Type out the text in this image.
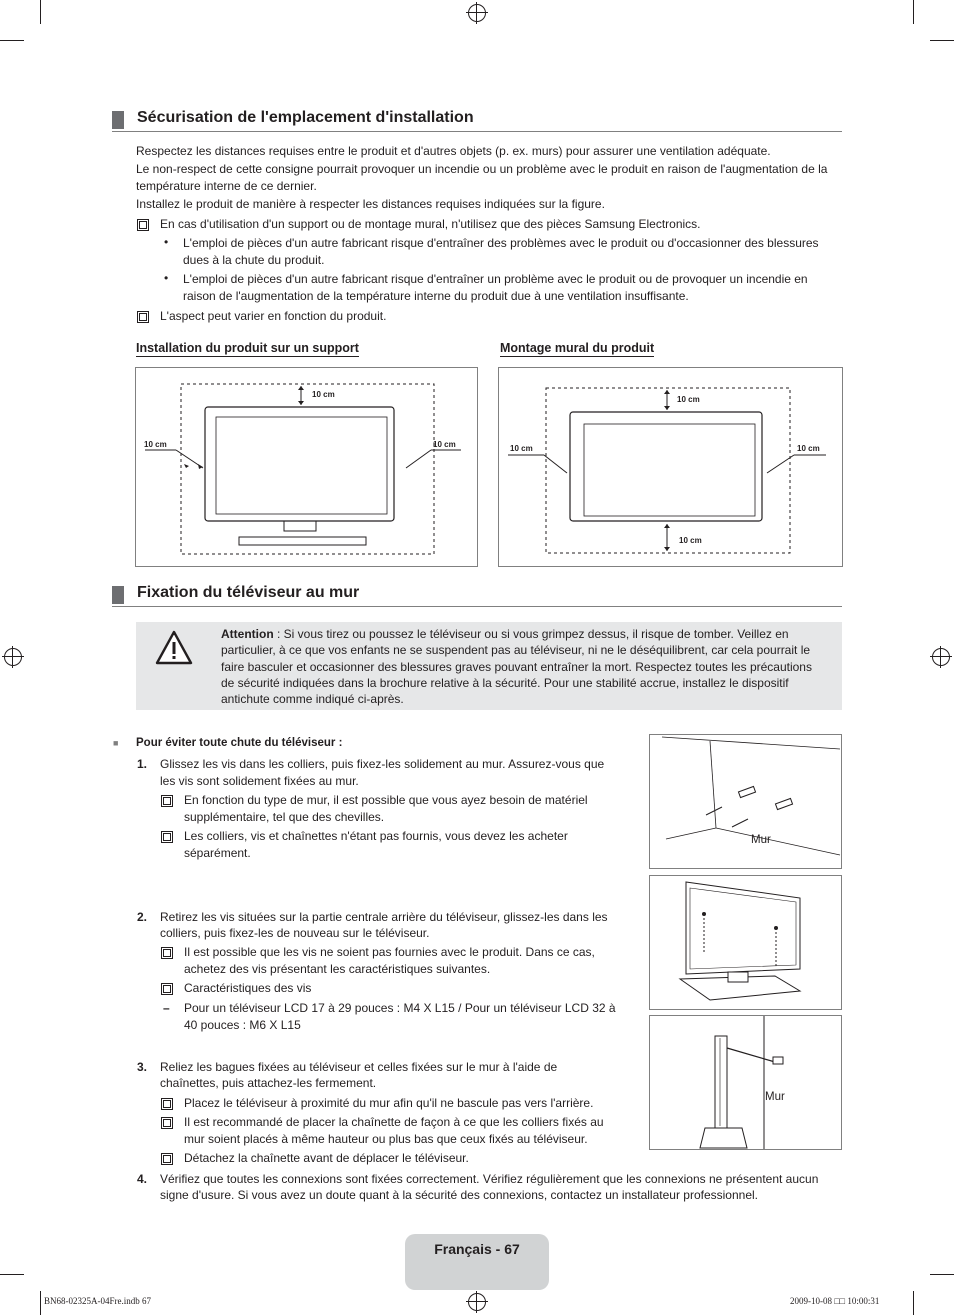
Sécurisation de l'emplacement d'installation
Respectez les distances requises entre le produit et d'autres objets (p. ex. murs) pour assurer une ventilation adéquate.
Le non-respect de cette consigne pourrait provoquer un incendie ou un problème avec le produit en raison de l'augmentation de la
température interne de ce dernier.
Installez le produit de manière à respecter les distances requises indiquées sur la figure.
En cas d'utilisation d'un support ou de montage mural, n'utilisez que des pièces Samsung Electronics.
• L'emploi de pièces d'un autre fabricant risque d'entraîner des problèmes avec le produit ou d'occasionner des blessures
dues à la chute du produit.
• L'emploi de pièces d'un autre fabricant risque d'entraîner un problème avec le produit ou de provoquer un incendie en
raison de l'augmentation de la température interne du produit due à une ventilation insuffisante.
L'aspect peut varier en fonction du produit.
Installation du produit sur un support	Montage mural du produit
10 cm
10 cm	10 cm
10 cm
10 cm	10 cm
10 cm
Fixation du téléviseur au mur
Attention : Si vous tirez ou poussez le téléviseur ou si vous grimpez dessus, il risque de tomber. Veillez en
particulier, à ce que vos enfants ne se suspendent pas au téléviseur, ni ne le déséquilibrent, car cela pourrait le
faire basculer et occasionner des blessures graves pouvant entraîner la mort. Respectez toutes les précautions
de sécurité indiquées dans la brochure relative à la sécurité. Pour une stabilité accrue, installez le dispositif
antichute comme indiqué ci-après.
■ Pour éviter toute chute du téléviseur :
1. Glissez les vis dans les colliers, puis fixez-les solidement au mur. Assurez-vous que
les vis sont solidement fixées au mur.
En fonction du type de mur, il est possible que vous ayez besoin de matériel
supplémentaire, tel que des chevilles.
Les colliers, vis et chaînettes n'étant pas fournis, vous devez les acheter
séparément.
2. Retirez les vis situées sur la partie centrale arrière du téléviseur, glissez-les dans les
colliers, puis fixez-les de nouveau sur le téléviseur.
Il est possible que les vis ne soient pas fournies avec le produit. Dans ce cas,
achetez des vis présentant les caractéristiques suivantes.
Caractéristiques des vis
– Pour un téléviseur LCD 17 à 29 pouces : M4 X L15 / Pour un téléviseur LCD 32 à
40 pouces : M6 X L15
3. Reliez les bagues fixées au téléviseur et celles fixées sur le mur à l'aide de
chaînettes, puis attachez-les fermement.
Placez le téléviseur à proximité du mur afin qu'il ne bascule pas vers l'arrière.
Il est recommandé de placer la chaînette de façon à ce que les colliers fixés au
mur soient placés à même hauteur ou plus bas que ceux fixés au téléviseur.
Détachez la chaînette avant de déplacer le téléviseur.
4. Vérifiez que toutes les connexions sont fixées correctement. Vérifiez régulièrement que les connexions ne présentent aucun
signe d'usure. Si vous avez un doute quant à la sécurité des connexions, contactez un installateur professionnel.
Mur
Mur
Français - 67
BN68-02325A-04Fre.indb 67	2009-10-08 □□ 10:00:31
